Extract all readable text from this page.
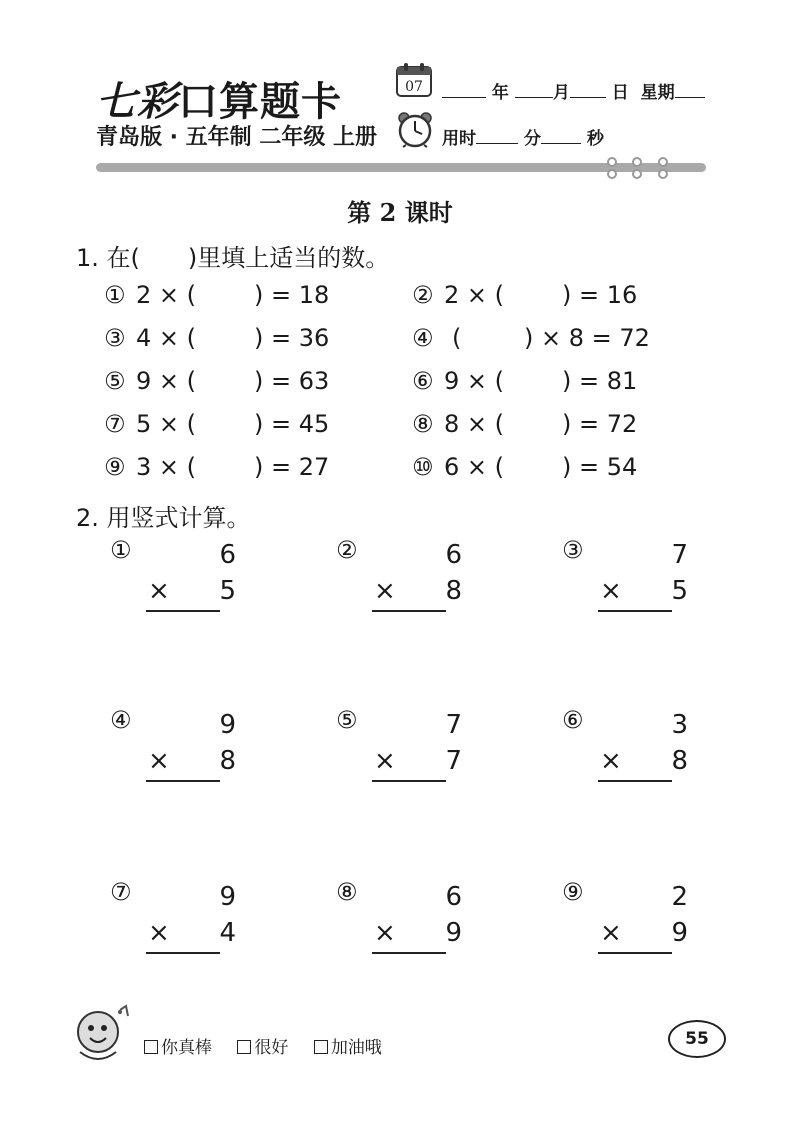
七彩口算题卡
青岛版 · 五年制 二年级 上册
07	年	月 日 星期
用时	分	秒
第 2 课时
1. 在(　　)里填上适当的数。
① 2 × ( ) = 18	② 2 × ( ) = 16
③ 4 × ( ) = 36	④ (	) × 8 = 72
⑤ 9 × ( ) = 63	⑥ 9 × ( ) = 81
⑦ 5 × ( ) = 45	⑧ 8 × ( ) = 72
⑨ 3 × ( ) = 27	⑩ 6 × ( ) = 54
2. 用竖式计算。
①	6
× 5
②	6
× 8
③	7
× 5
④	9
× 8
⑤	7
× 7
⑥	3
× 8
⑦	9
× 4
⑧	6
× 9
⑨	2
× 9
你真棒 很好 加油哦	55
